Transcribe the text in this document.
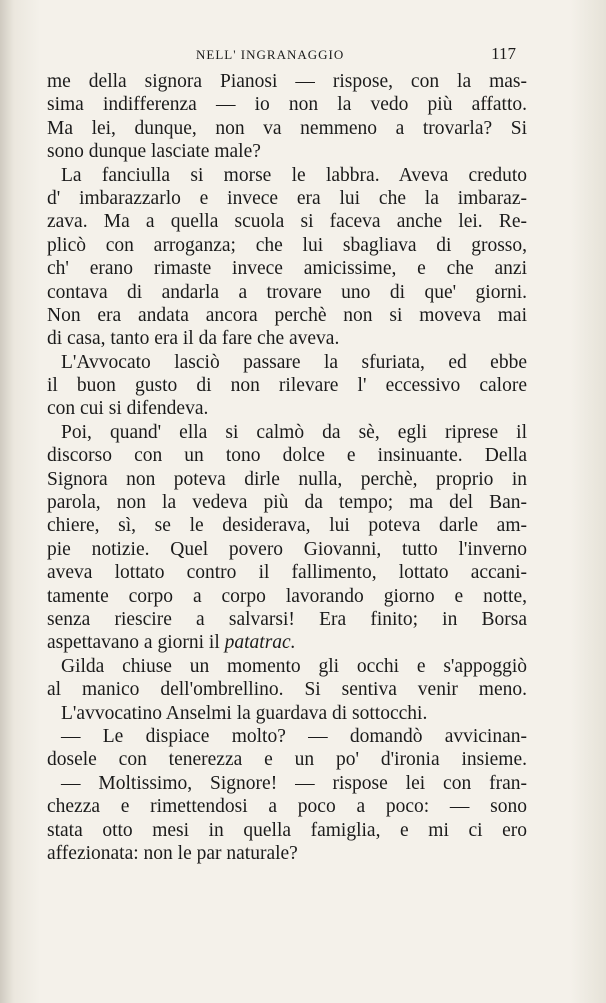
NELL' INGRANAGGIO	117
me della signora Pianosi — rispose, con la mas-
sima indifferenza — io non la vedo più affatto.
Ma lei, dunque, non va nemmeno a trovarla? Si
sono dunque lasciate male?
La fanciulla si morse le labbra. Aveva creduto
d' imbarazzarlo e invece era lui che la imbaraz-
zava. Ma a quella scuola si faceva anche lei. Re-
plicò con arroganza; che lui sbagliava di grosso,
ch' erano rimaste invece amicissime, e che anzi
contava di andarla a trovare uno di que' giorni.
Non era andata ancora perchè non si moveva mai
di casa, tanto era il da fare che aveva.
L'Avvocato lasciò passare la sfuriata, ed ebbe
il buon gusto di non rilevare l' eccessivo calore
con cui si difendeva.
Poi, quand' ella si calmò da sè, egli riprese il
discorso con un tono dolce e insinuante. Della
Signora non poteva dirle nulla, perchè, proprio in
parola, non la vedeva più da tempo; ma del Ban-
chiere, sì, se le desiderava, lui poteva darle am-
pie notizie. Quel povero Giovanni, tutto l'inverno
aveva lottato contro il fallimento, lottato accani-
tamente corpo a corpo lavorando giorno e notte,
senza riescire a salvarsi! Era finito; in Borsa
aspettavano a giorni il patatrac.
Gilda chiuse un momento gli occhi e s'appoggiò
al manico dell'ombrellino. Si sentiva venir meno.
L'avvocatino Anselmi la guardava di sottocchi.
— Le dispiace molto? — domandò avvicinan-
dosele con tenerezza e un po' d'ironia insieme.
— Moltissimo, Signore! — rispose lei con fran-
chezza e rimettendosi a poco a poco: — sono
stata otto mesi in quella famiglia, e mi ci ero
affezionata: non le par naturale?
